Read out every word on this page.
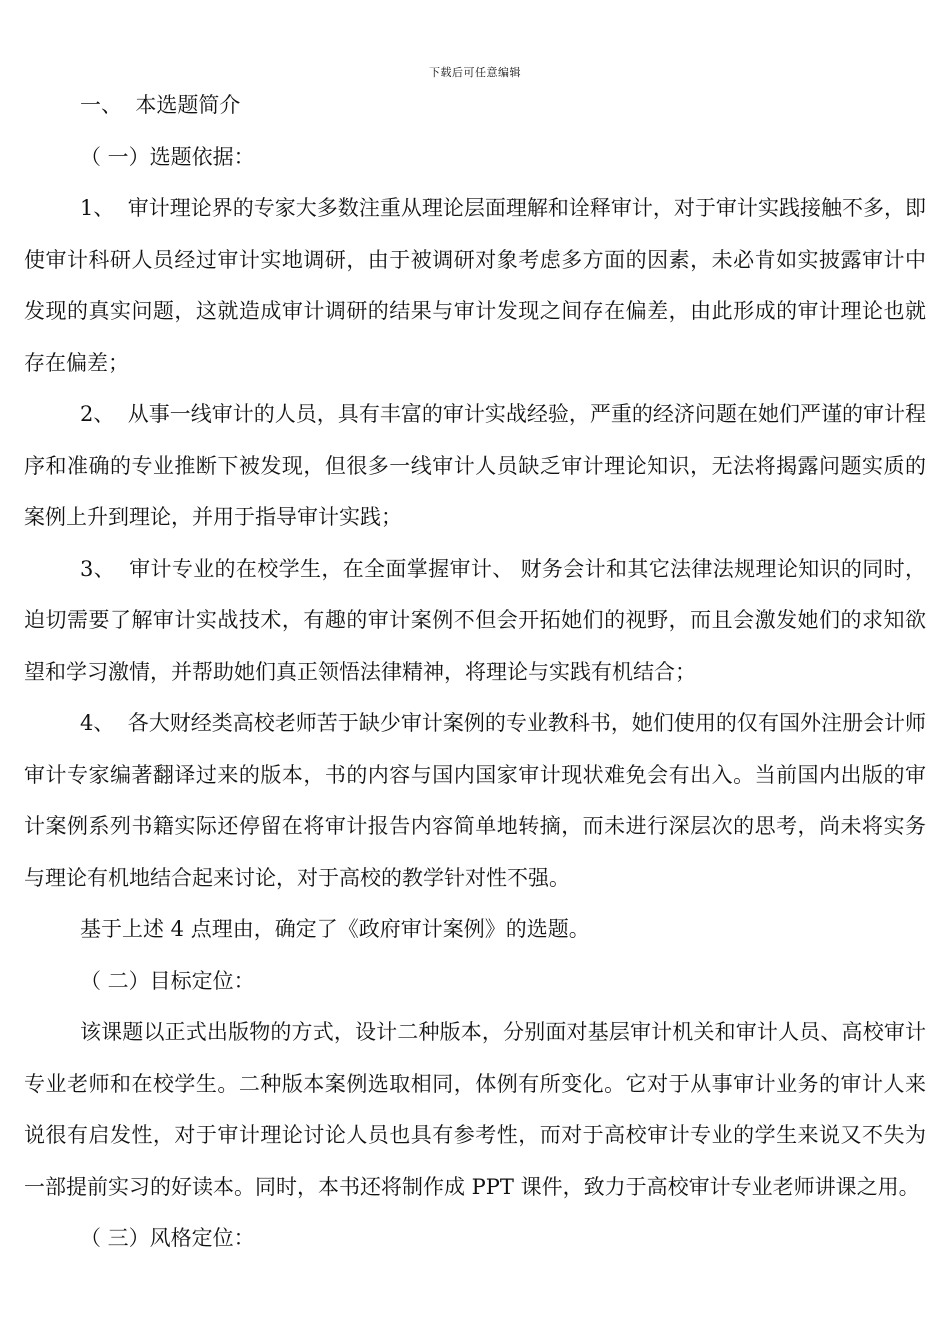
下载后可任意编辑

一、  本选题简介

（ 一）选题依据：

1、  审计理论界的专家大多数注重从理论层面理解和诠释审计，对于审计实践接触不多，即使审计科研人员经过审计实地调研，由于被调研对象考虑多方面的因素，未必肯如实披露审计中发现的真实问题，这就造成审计调研的结果与审计发现之间存在偏差，由此形成的审计理论也就存在偏差；

2、  从事一线审计的人员，具有丰富的审计实战经验，严重的经济问题在她们严谨的审计程序和准确的专业推断下被发现，但很多一线审计人员缺乏审计理论知识，无法将揭露问题实质的案例上升到理论，并用于指导审计实践；

3、  审计专业的在校学生，在全面掌握审计、 财务会计和其它法律法规理论知识的同时，迫切需要了解审计实战技术，有趣的审计案例不但会开拓她们的视野，而且会激发她们的求知欲望和学习激情，并帮助她们真正领悟法律精神，将理论与实践有机结合；

4、  各大财经类高校老师苦于缺少审计案例的专业教科书，她们使用的仅有国外注册会计师审计专家编著翻译过来的版本，书的内容与国内国家审计现状难免会有出入。当前国内出版的审计案例系列书籍实际还停留在将审计报告内容简单地转摘，而未进行深层次的思考，尚未将实务与理论有机地结合起来讨论，对于高校的教学针对性不强。

基于上述 4 点理由，确定了《政府审计案例》的选题。

（ 二）目标定位：

该课题以正式出版物的方式，设计二种版本，分别面对基层审计机关和审计人员、高校审计专业老师和在校学生。二种版本案例选取相同，体例有所变化。它对于从事审计业务的审计人来说很有启发性，对于审计理论讨论人员也具有参考性，而对于高校审计专业的学生来说又不失为一部提前实习的好读本。同时，本书还将制作成 PPT 课件，致力于高校审计专业老师讲课之用。

（ 三）风格定位：
